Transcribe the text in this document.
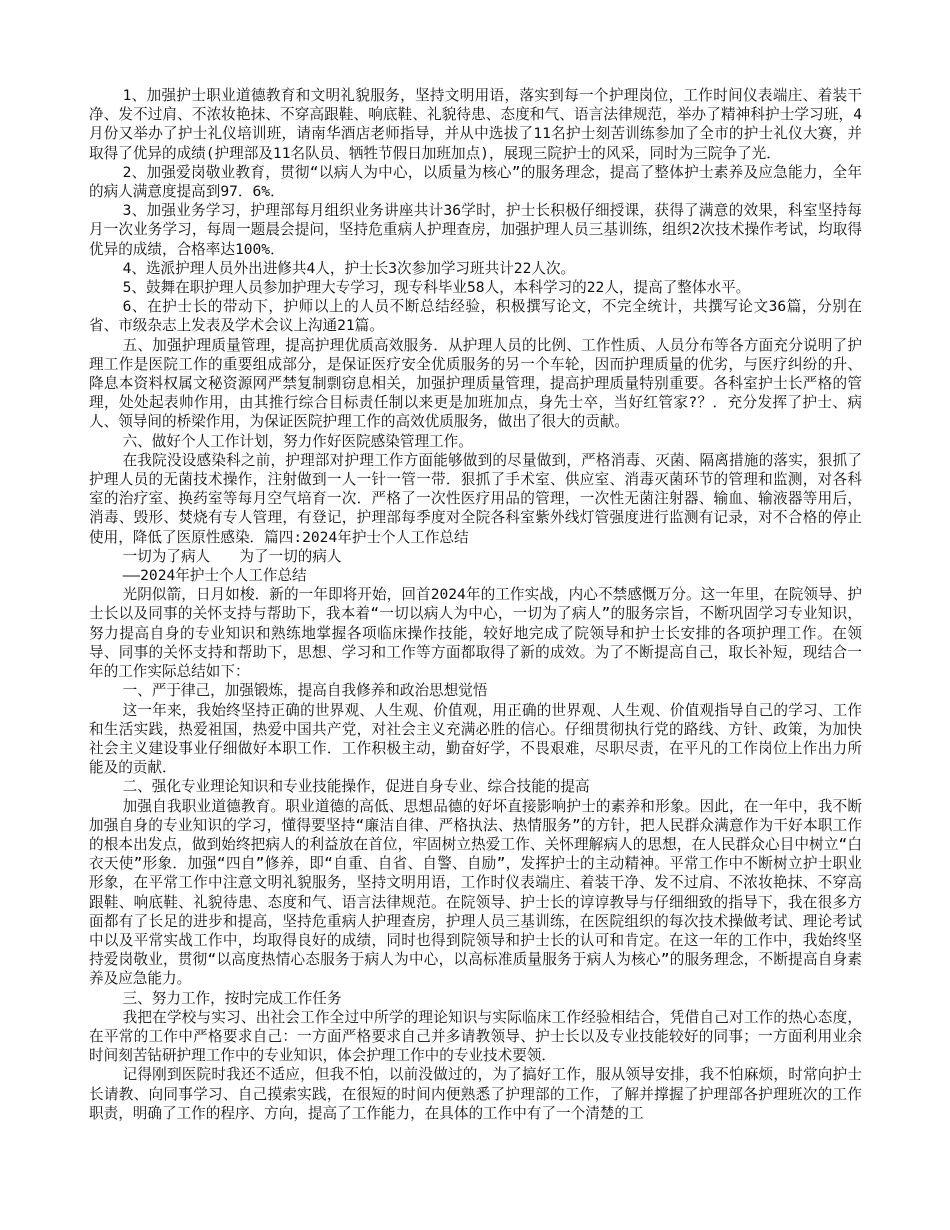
1、加强护士职业道德教育和文明礼貌服务，坚持文明用语，落实到每一个护理岗位，工作时间仪表端庄、着装干净、发不过肩、不浓妆艳抹、不穿高跟鞋、响底鞋、礼貌待患、态度和气、语言法律规范，举办了精神科护士学习班，4月份又举办了护士礼仪培训班，请南华酒店老师指导，并从中选拔了11名护士刻苦训练参加了全市的护士礼仪大赛，并取得了优异的成绩(护理部及11名队员、牺牲节假日加班加点)，展现三院护士的风采，同时为三院争了光．

2、加强爱岗敬业教育，贯彻“以病人为中心，以质量为核心”的服务理念，提高了整体护士素养及应急能力，全年的病人满意度提高到97．6%．

3、加强业务学习，护理部每月组织业务讲座共计36学时，护士长积极仔细授课，获得了满意的效果，科室坚持每月一次业务学习，每周一题晨会提问，坚持危重病人护理查房，加强护理人员三基训练，组织2次技术操作考试，均取得优异的成绩，合格率达100%．

4、选派护理人员外出进修共4人，护士长3次参加学习班共计22人次。

5、鼓舞在职护理人员参加护理大专学习，现专科毕业58人，本科学习的22人，提高了整体水平。

6、在护士长的带动下，护师以上的人员不断总结经验，积极撰写论文，不完全统计，共撰写论文36篇，分别在省、市级杂志上发表及学术会议上沟通21篇。

五、加强护理质量管理，提高护理优质高效服务．从护理人员的比例、工作性质、人员分布等各方面充分说明了护理工作是医院工作的重要组成部分，是保证医疗安全优质服务的另一个车轮，因而护理质量的优劣，与医疗纠纷的升、降息本资料权属文秘资源网严禁复制剽窃息相关，加强护理质量管理，提高护理质量特别重要。各科室护士长严格的管理，处处起表帅作用，由其推行综合目标责任制以来更是加班加点，身先士卒，当好红管家?？．充分发挥了护士、病人、领导间的桥梁作用，为保证医院护理工作的高效优质服务，做出了很大的贡献。

六、做好个人工作计划，努力作好医院感染管理工作。

在我院没设感染科之前，护理部对护理工作方面能够做到的尽量做到，严格消毒、灭菌、隔离措施的落实，狠抓了护理人员的无菌技术操作，注射做到一人一针一管一带．狠抓了手术室、供应室、消毒灭菌环节的管理和监测，对各科室的治疗室、换药室等每月空气培育一次．严格了一次性医疗用品的管理，一次性无菌注射器、输血、输液器等用后，消毒、毁形、焚烧有专人管理，有登记，护理部每季度对全院各科室紫外线灯管强度进行监测有记录，对不合格的停止使用，降低了医原性感染．篇四:2024年护士个人工作总结

一切为了病人　　为了一切的病人

——2024年护士个人工作总结

光阴似箭，日月如梭．新的一年即将开始，回首2024年的工作实战，内心不禁感慨万分。这一年里，在院领导、护士长以及同事的关怀支持与帮助下，我本着“一切以病人为中心，一切为了病人”的服务宗旨，不断巩固学习专业知识，努力提高自身的专业知识和熟练地掌握各项临床操作技能，较好地完成了院领导和护士长安排的各项护理工作。在领导、同事的关怀支持和帮助下，思想、学习和工作等方面都取得了新的成效。为了不断提高自己，取长补短，现结合一年的工作实际总结如下：

一、严于律己，加强锻炼，提高自我修养和政治思想觉悟

这一年来，我始终坚持正确的世界观、人生观、价值观，用正确的世界观、人生观、价值观指导自己的学习、工作和生活实践，热爱祖国，热爱中国共产党，对社会主义充满必胜的信心。仔细贯彻执行党的路线、方针、政策，为加快社会主义建设事业仔细做好本职工作．工作积极主动，勤奋好学，不畏艰难，尽职尽责，在平凡的工作岗位上作出力所能及的贡献．

二、强化专业理论知识和专业技能操作，促进自身专业、综合技能的提高

加强自我职业道德教育。职业道德的高低、思想品德的好坏直接影响护士的素养和形象。因此，在一年中，我不断加强自身的专业知识的学习，懂得要坚持“廉洁自律、严格执法、热情服务”的方针，把人民群众满意作为干好本职工作的根本出发点，做到始终把病人的利益放在首位，牢固树立热爱工作、关怀理解病人的思想，在人民群众心目中树立“白衣天使”形象．加强“四自”修养，即“自重、自省、自警、自励”，发挥护士的主动精神。平常工作中不断树立护士职业形象，在平常工作中注意文明礼貌服务，坚持文明用语，工作时仪表端庄、着装干净、发不过肩、不浓妆艳抹、不穿高跟鞋、响底鞋、礼貌待患、态度和气、语言法律规范。在院领导、护士长的谆谆教导与仔细细致的指导下，我在很多方面都有了长足的进步和提高，坚持危重病人护理查房，护理人员三基训练，在医院组织的每次技术操做考试、理论考试中以及平常实战工作中，均取得良好的成绩，同时也得到院领导和护士长的认可和肯定。在这一年的工作中，我始终坚持爱岗敬业，贯彻“以高度热情心态服务于病人为中心，以高标准质量服务于病人为核心”的服务理念，不断提高自身素养及应急能力。

三、努力工作，按时完成工作任务

我把在学校与实习、出社会工作全过中所学的理论知识与实际临床工作经验相结合，凭借自己对工作的热心态度，在平常的工作中严格要求自己：一方面严格要求自己并多请教领导、护士长以及专业技能较好的同事；一方面利用业余时间刻苦钻研护理工作中的专业知识，体会护理工作中的专业技术要领．

记得刚到医院时我还不适应，但我不怕，以前没做过的，为了搞好工作，服从领导安排，我不怕麻烦，时常向护士长请教、向同事学习、自己摸索实践，在很短的时间内便熟悉了护理部的工作，了解并撑握了护理部各护理班次的工作职责，明确了工作的程序、方向，提高了工作能力，在具体的工作中有了一个清楚的工
